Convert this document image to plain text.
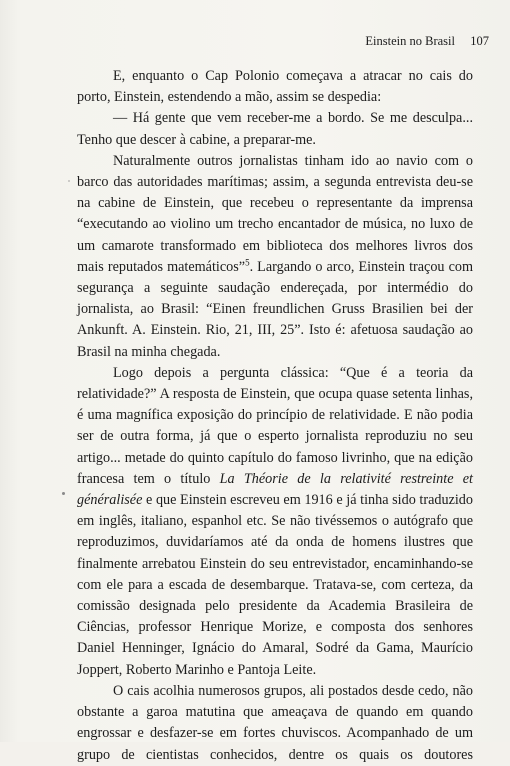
Einstein no Brasil 107

E, enquanto o Cap Polonio começava a atracar no cais do porto, Einstein, estendendo a mão, assim se despedia:

— Há gente que vem receber-me a bordo. Se me desculpa... Tenho que descer à cabine, a preparar-me.

Naturalmente outros jornalistas tinham ido ao navio com o barco das autoridades marítimas; assim, a segunda entrevista deu-se na cabine de Einstein, que recebeu o representante da imprensa “executando ao violino um trecho encantador de música, no luxo de um camarote transformado em biblioteca dos melhores livros dos mais reputados matemáticos”$^5$. Largando o arco, Einstein traçou com segurança a seguinte saudação endereçada, por intermédio do jornalista, ao Brasil: “Einen freundlichen Gruss Brasilien bei der Ankunft. A. Einstein. Rio, 21, III, 25”. Isto é: afetuosa saudação ao Brasil na minha chegada.

Logo depois a pergunta clássica: “Que é a teoria da relatividade?” A resposta de Einstein, que ocupa quase setenta linhas, é uma magnífica exposição do princípio de relatividade. E não podia ser de outra forma, já que o esperto jornalista reproduziu no seu artigo... metade do quinto capítulo do famoso livrinho, que na edição francesa tem o título La Théorie de la relativité restreinte et généralisée e que Einstein escreveu em 1916 e já tinha sido traduzido em inglês, italiano, espanhol etc. Se não tivéssemos o autógrafo que reproduzimos, duvidaríamos até da onda de homens ilustres que finalmente arrebatou Einstein do seu entrevistador, encaminhando-se com ele para a escada de desembarque. Tratava-se, com certeza, da comissão designada pelo presidente da Academia Brasileira de Ciências, professor Henrique Morize, e composta dos senhores Daniel Henninger, Ignácio do Amaral, Sodré da Gama, Maurício Joppert, Roberto Marinho e Pantoja Leite.

O cais acolhia numerosos grupos, ali postados desde cedo, não obstante a garoa matutina que ameaçava de quando em quando engrossar e desfazer-se em fortes chuviscos. Acompanhado de um grupo de cientistas conhecidos, dentre os quais os doutores
